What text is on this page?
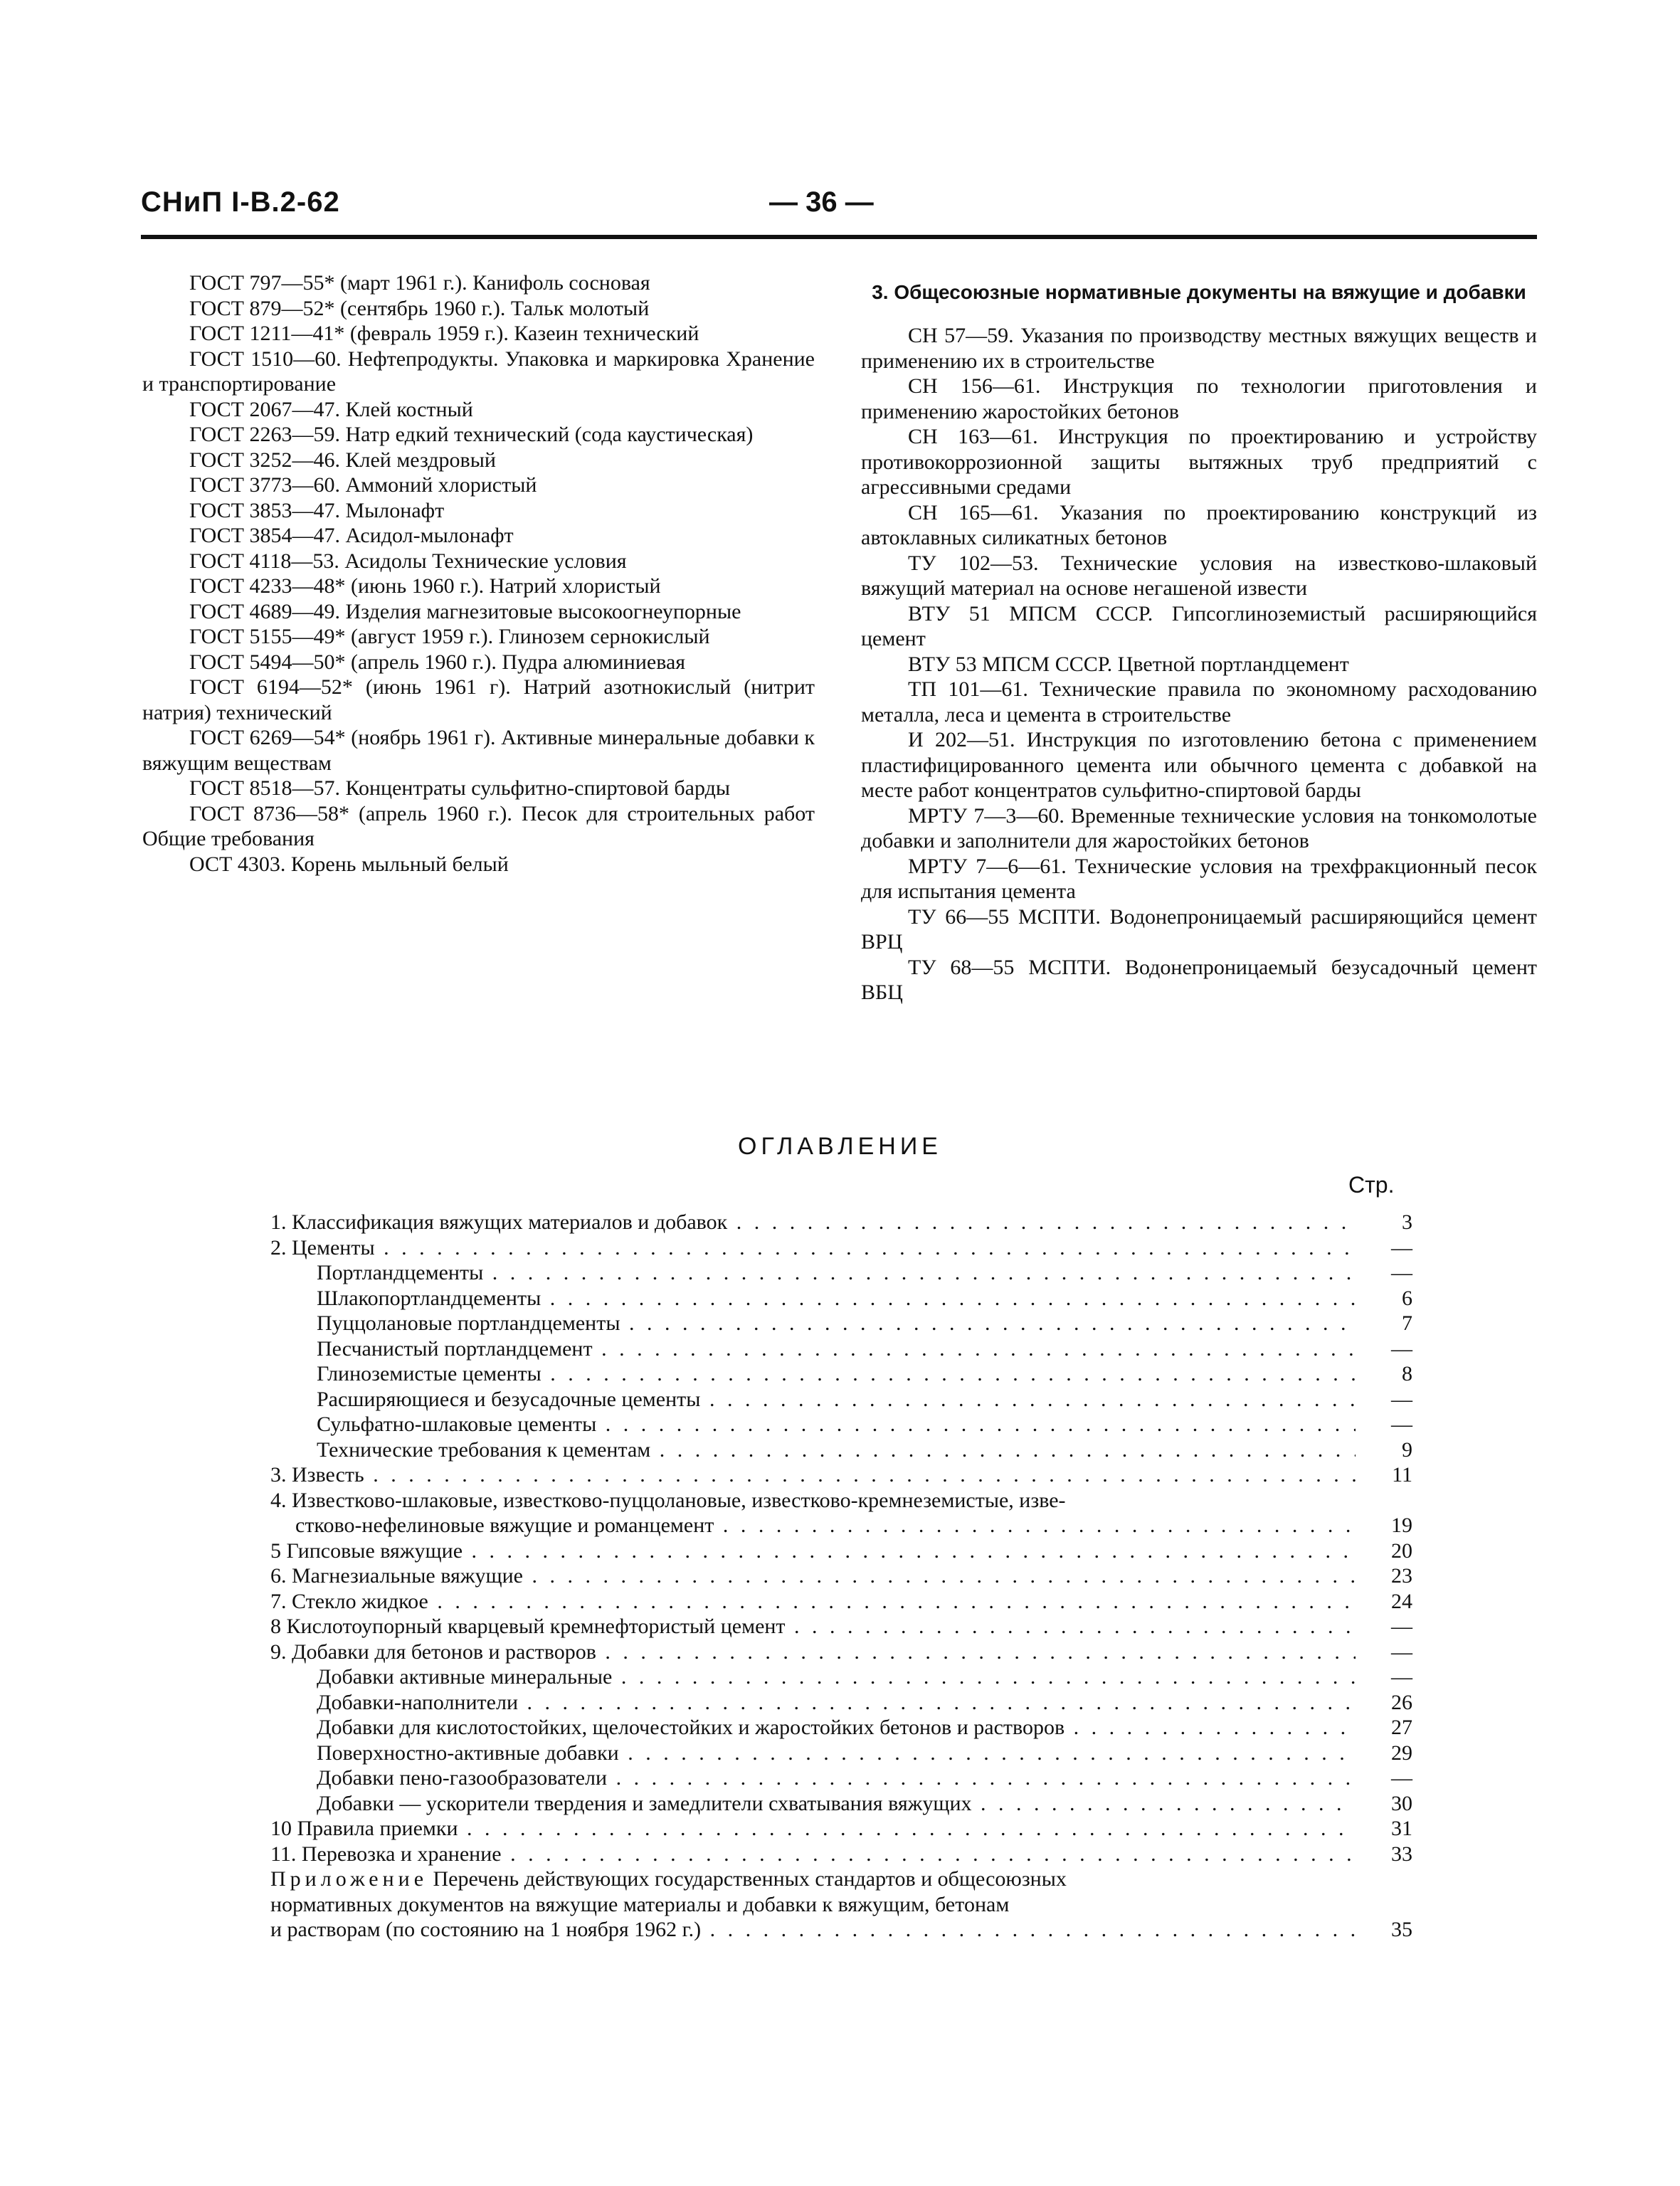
СНиП I-В.2-62	— 36 —

ГОСТ 797—55* (март 1961 г.). Канифоль сосновая

ГОСТ 879—52* (сентябрь 1960 г.). Тальк молотый

ГОСТ 1211—41* (февраль 1959 г.). Казеин технический

ГОСТ 1510—60. Нефтепродукты. Упаковка и маркировка Хранение и транспортирование

ГОСТ 2067—47. Клей костный

ГОСТ 2263—59. Натр едкий технический (сода каустическая)

ГОСТ 3252—46. Клей мездровый

ГОСТ 3773—60. Аммоний хлористый

ГОСТ 3853—47. Мылонафт

ГОСТ 3854—47. Асидол-мылонафт

ГОСТ 4118—53. Асидолы Технические условия

ГОСТ 4233—48* (июнь 1960 г.). Натрий хлористый

ГОСТ 4689—49. Изделия магнезитовые высокоогнеупорные

ГОСТ 5155—49* (август 1959 г.). Глинозем сернокислый

ГОСТ 5494—50* (апрель 1960 г.). Пудра алюминиевая

ГОСТ 6194—52* (июнь 1961 г). Натрий азотнокислый (нитрит натрия) технический

ГОСТ 6269—54* (ноябрь 1961 г). Активные минеральные добавки к вяжущим веществам

ГОСТ 8518—57. Концентраты сульфитно-спиртовой барды

ГОСТ 8736—58* (апрель 1960 г.). Песок для строительных работ Общие требования

ОСТ 4303. Корень мыльный белый

3. Общесоюзные нормативные документы на вяжущие и добавки

СН 57—59. Указания по производству местных вяжущих веществ и применению их в строительстве

СН 156—61. Инструкция по технологии приготовления и применению жаростойких бетонов

СН 163—61. Инструкция по проектированию и устройству противокоррозионной защиты вытяжных труб предприятий с агрессивными средами

СН 165—61. Указания по проектированию конструкций из автоклавных силикатных бетонов

ТУ 102—53. Технические условия на известково-шлаковый вяжущий материал на основе негашеной извести

ВТУ 51 МПСМ СССР. Гипсоглиноземистый расширяющийся цемент

ВТУ 53 МПСМ СССР. Цветной портландцемент

ТП 101—61. Технические правила по экономному расходованию металла, леса и цемента в строительстве

И 202—51. Инструкция по изготовлению бетона с применением пластифицированного цемента или обычного цемента с добавкой на месте работ концентратов сульфитно-спиртовой барды

МРТУ 7—3—60. Временные технические условия на тонкомолотые добавки и заполнители для жаростойких бетонов

МРТУ 7—6—61. Технические условия на трехфракционный песок для испытания цемента

ТУ 66—55 МСПТИ. Водонепроницаемый расширяющийся цемент ВРЦ

ТУ 68—55 МСПТИ. Водонепроницаемый безусадочный цемент ВБЦ

ОГЛАВЛЕНИЕ
Стр.
1. Классификация вяжущих материалов и добавок . . .	3
2. Цементы . . .	—
Портландцементы . . .	—
Шлакопортландцементы . . .	6
Пуццолановые портландцементы . . .	7
Песчанистый портландцемент . . .	—
Глиноземистые цементы . . .	8
Расширяющиеся и безусадочные цементы . . .	—
Сульфатно-шлаковые цементы . . .	—
Технические требования к цементам . . .	9
3. Известь . . .	11
4. Известково-шлаковые, известково-пуццолановые, известково-кремнеземистые, изве-
стково-нефелиновые вяжущие и романцемент . . .	19
5 Гипсовые вяжущие . . .	20
6. Магнезиальные вяжущие . . .	23
7. Стекло жидкое . . .	24
8 Кислотоупорный кварцевый кремнефтористый цемент . . .	—
9. Добавки для бетонов и растворов . . .	—
Добавки активные минеральные . . .	—
Добавки-наполнители . . .	26
Добавки для кислотостойких, щелочестойких и жаростойких бетонов и растворов . . .	27
Поверхностно-активные добавки . . .	29
Добавки пено-газообразователи . . .	—
Добавки — ускорители твердения и замедлители схватывания вяжущих . . .	30
10 Правила приемки . . .	31
11. Перевозка и хранение . . .	33
Приложение Перечень действующих государственных стандартов и общесоюзных
нормативных документов на вяжущие материалы и добавки к вяжущим, бетонам
и растворам (по состоянию на 1 ноября 1962 г.) . . .	35
